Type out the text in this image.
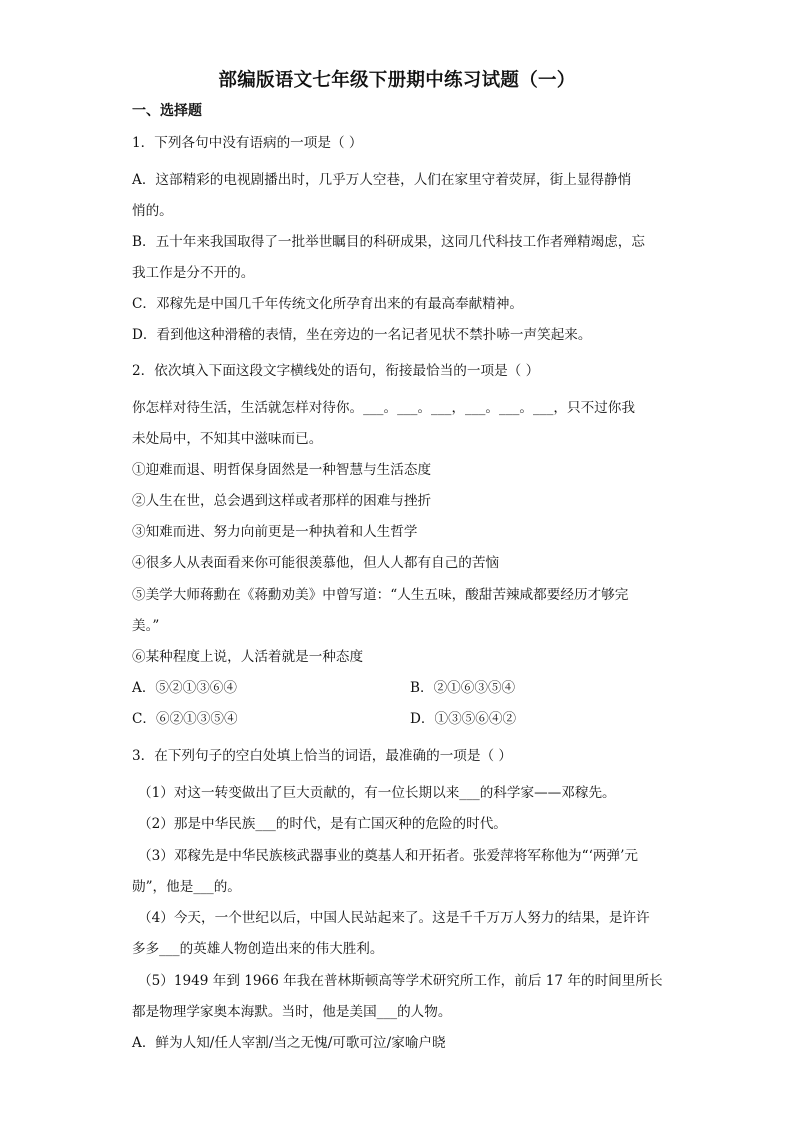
部编版语文七年级下册期中练习试题（一）
一、选择题
1．下列各句中没有语病的一项是（ ）
A．这部精彩的电视剧播出时，几乎万人空巷，人们在家里守着荧屏，街上显得静悄
悄的。
B．五十年来我国取得了一批举世瞩目的科研成果，这同几代科技工作者殚精竭虑，忘
我工作是分不开的。
C．邓稼先是中国几千年传统文化所孕育出来的有最高奉献精神。
D．看到他这种滑稽的表情，坐在旁边的一名记者见状不禁扑哧一声笑起来。
2．依次填入下面这段文字横线处的语句，衔接最恰当的一项是（ ）
你怎样对待生活，生活就怎样对待你。___。___。___，___。___。___，只不过你我
未处局中，不知其中滋味而已。
①迎难而退、明哲保身固然是一种智慧与生活态度
②人生在世，总会遇到这样或者那样的困难与挫折
③知难而进、努力向前更是一种执着和人生哲学
④很多人从表面看来你可能很羡慕他，但人人都有自己的苦恼
⑤美学大师蒋勳在《蒋勳劝美》中曾写道：“人生五味，酸甜苦辣咸都要经历才够完
美。”
⑥某种程度上说，人活着就是一种态度
A．⑤②①③⑥④	B．②①⑥③⑤④
C．⑥②①③⑤④	D．①③⑤⑥④②
3．在下列句子的空白处填上恰当的词语，最准确的一项是（ ）
（1）对这一转变做出了巨大贡献的，有一位长期以来___的科学家——邓稼先。
（2）那是中华民族___的时代，是有亡国灭种的危险的时代。
（3）邓稼先是中华民族核武器事业的奠基人和开拓者。张爱萍将军称他为“‘两弹’元
勋”，他是___的。
（4）今天，一个世纪以后，中国人民站起来了。这是千千万万人努力的结果，是许许
多多___的英雄人物创造出来的伟大胜利。
（5）1949 年到 1966 年我在普林斯顿高等学术研究所工作，前后 17 年的时间里所长
都是物理学家奥本海默。当时，他是美国___的人物。
A．鲜为人知/任人宰割/当之无愧/可歌可泣/家喻户晓
